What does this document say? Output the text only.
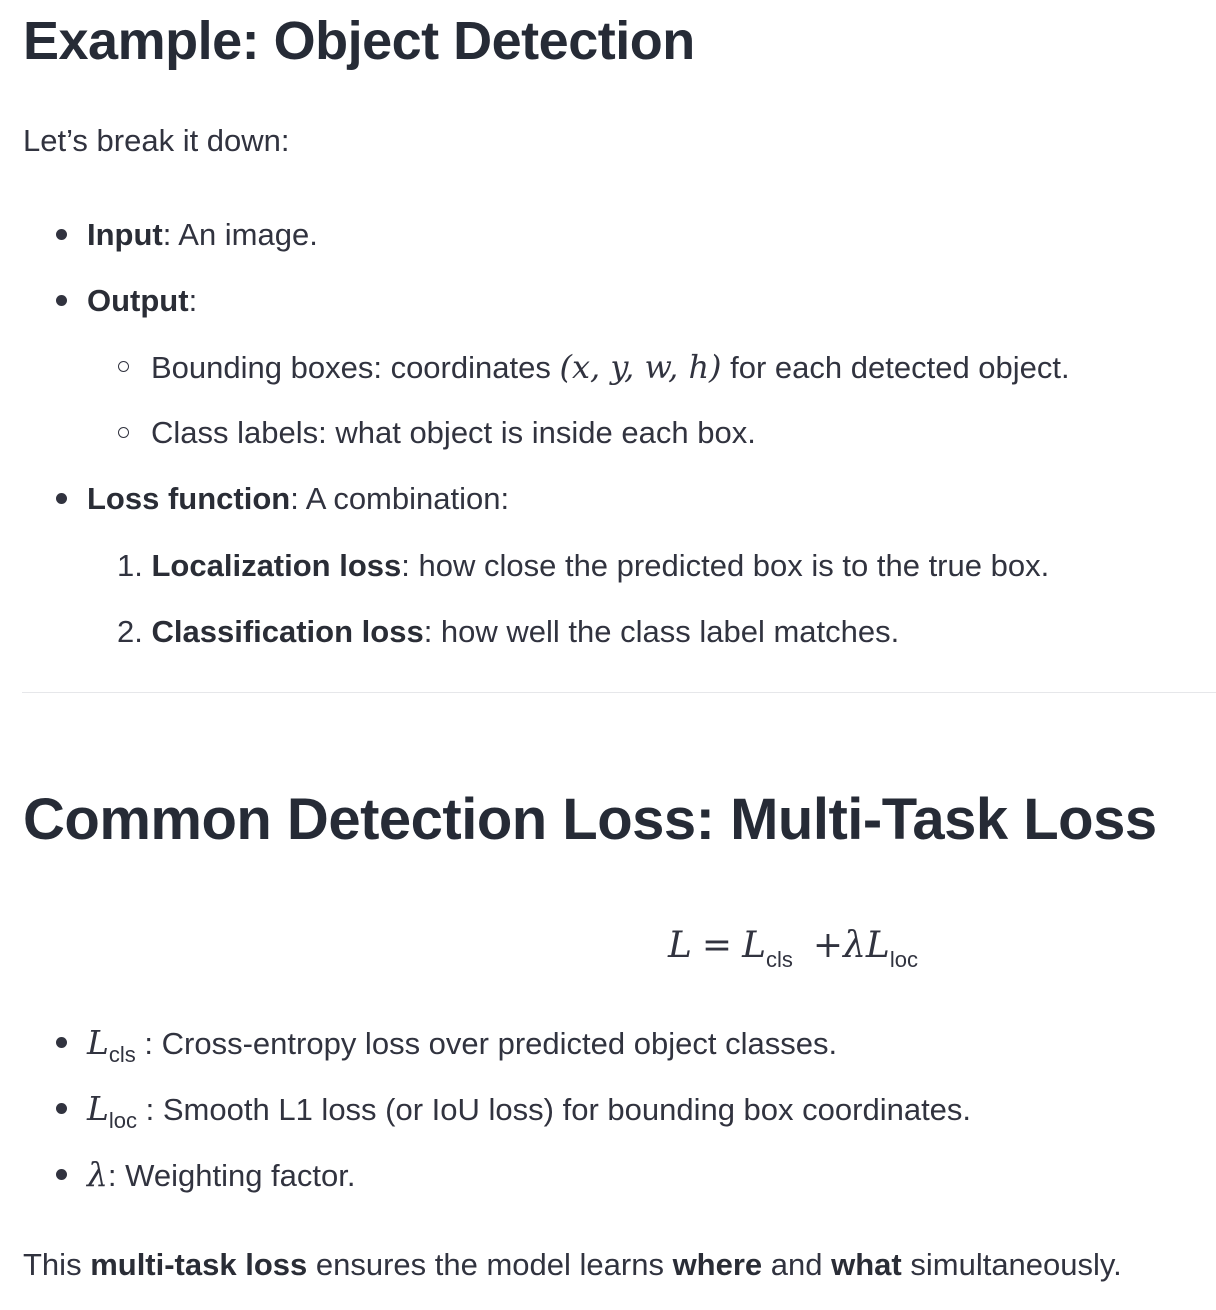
Example: Object Detection

Let’s break it down:

Input: An image.
Output:
Bounding boxes: coordinates (x, y, w, h) for each detected object.
Class labels: what object is inside each box.
Loss function: A combination:
1. Localization loss: how close the predicted box is to the true box.
2. Classification loss: how well the class label matches.
Common Detection Loss: Multi-Task Loss
$L = L_{cls} +\lambda L_{loc}$
$L_{cls}$ : Cross-entropy loss over predicted object classes.
$L_{loc}$ : Smooth L1 loss (or IoU loss) for bounding box coordinates.
λ: Weighting factor.

This multi-task loss ensures the model learns where and what simultaneously.
